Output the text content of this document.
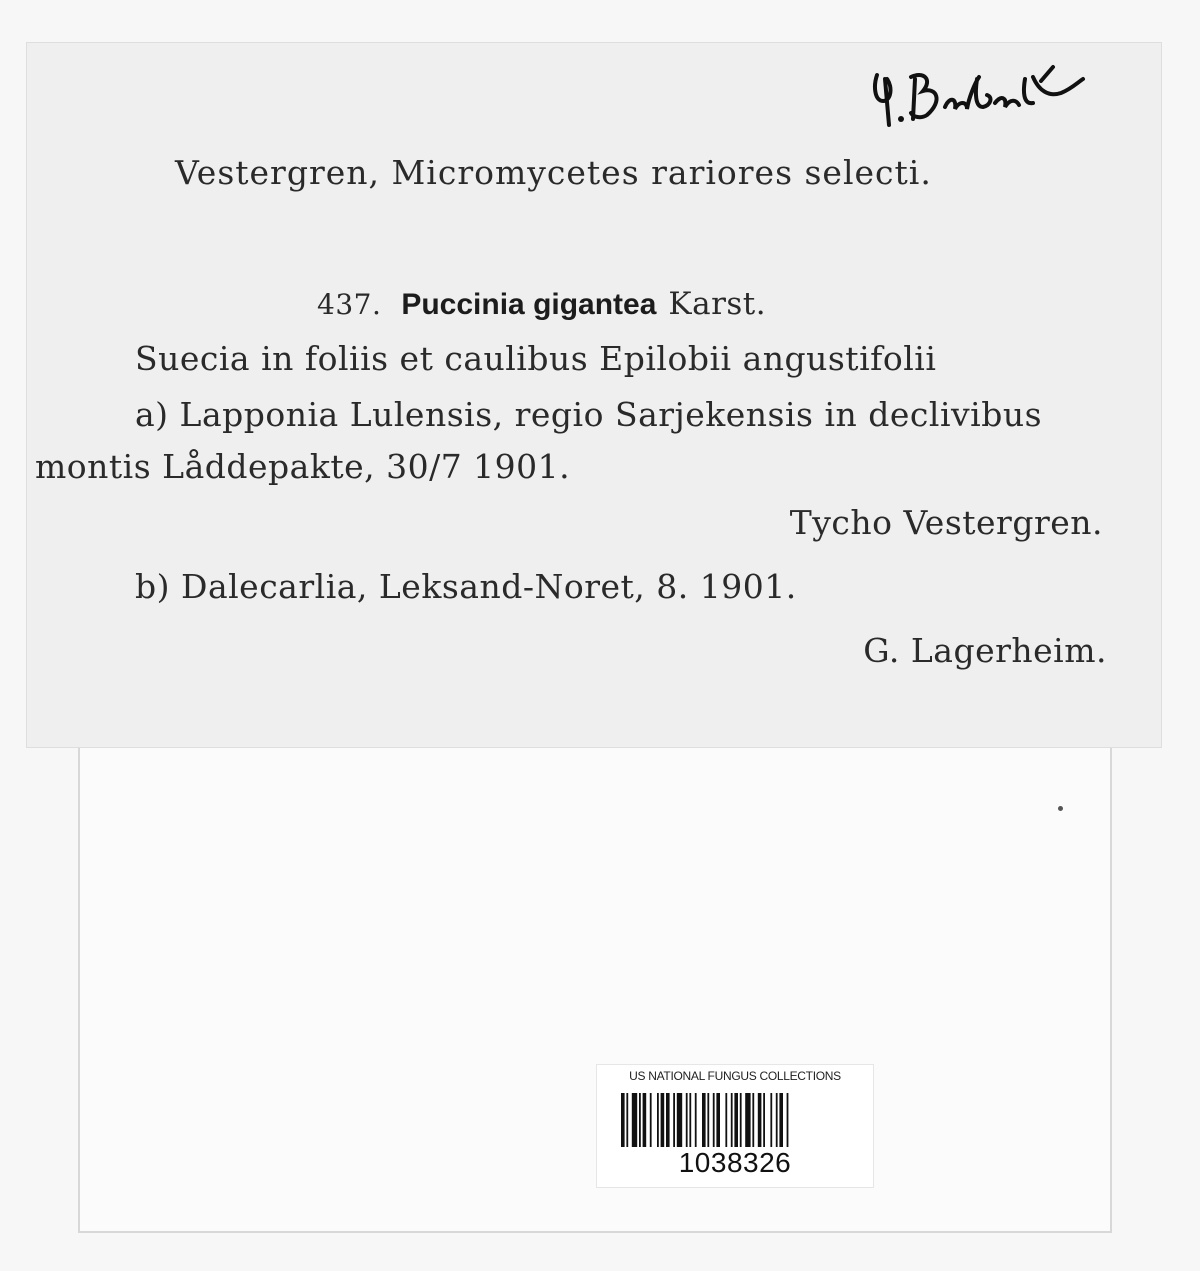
Vestergren, Micromycetes rariores selecti.
437. Puccinia gigantea Karst.
Suecia in foliis et caulibus Epilobii angustifolii
a) Lapponia Lulensis, regio Sarjekensis in declivibus
montis Låddepakte, 30/7 1901.
Tycho Vestergren.
b) Dalecarlia, Leksand-Noret, 8. 1901.
G. Lagerheim.
US NATIONAL FUNGUS COLLECTIONS
1038326
